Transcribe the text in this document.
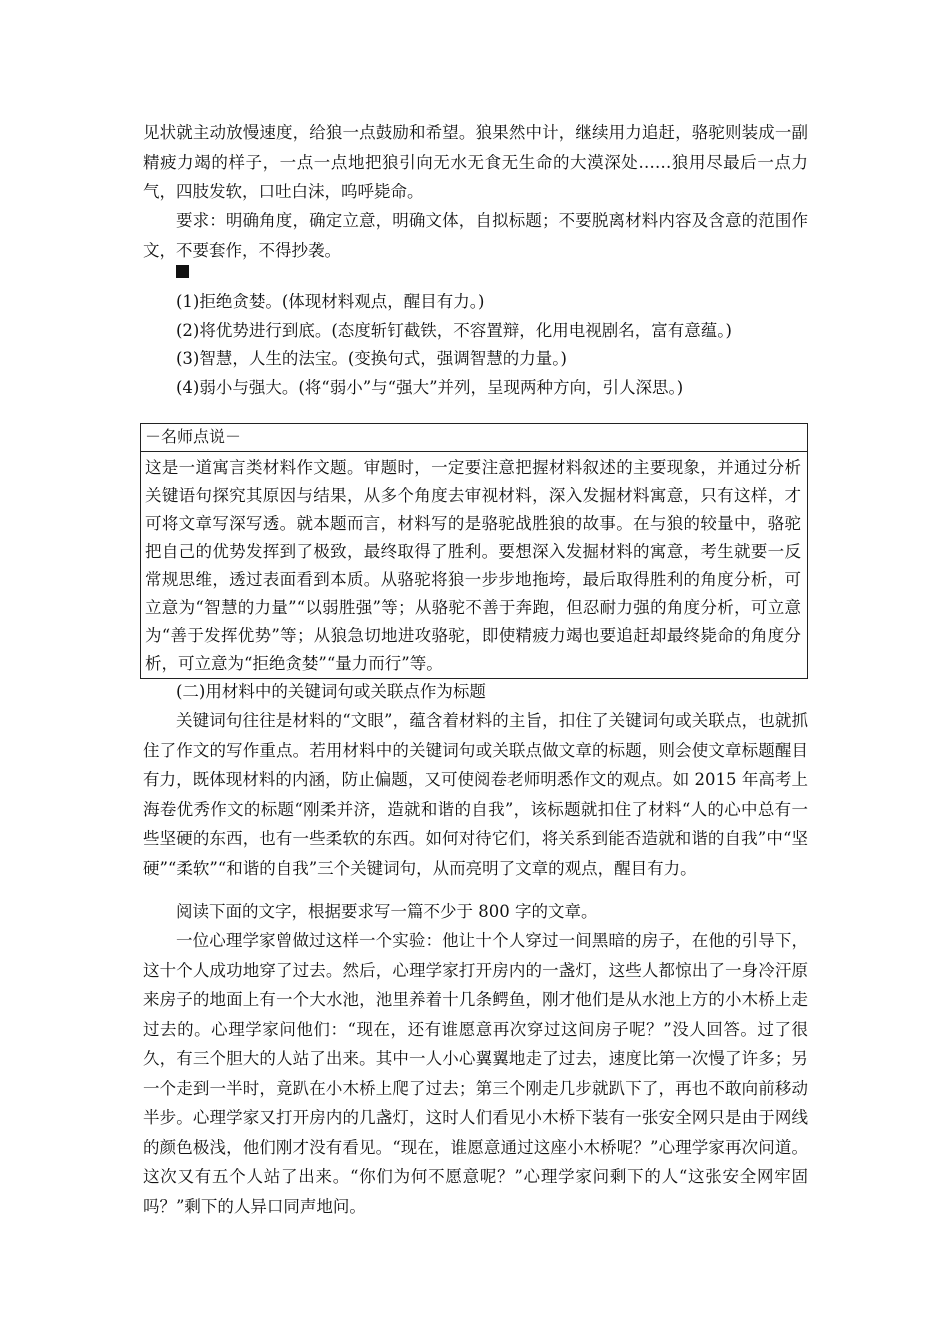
见状就主动放慢速度，给狼一点鼓励和希望。狼果然中计，继续用力追赶，骆驼则装成一副精疲力竭的样子，一点一点地把狼引向无水无食无生命的大漠深处……狼用尽最后一点力气，四肢发软，口吐白沫，呜呼毙命。

要求：明确角度，确定立意，明确文体，自拟标题；不要脱离材料内容及含意的范围作文，不要套作，不得抄袭。

(1)拒绝贪婪。(体现材料观点，醒目有力。)

(2)将优势进行到底。(态度斩钉截铁，不容置辩，化用电视剧名，富有意蕴。)

(3)智慧，人生的法宝。(变换句式，强调智慧的力量。)

(4)弱小与强大。(将“弱小”与“强大”并列，呈现两种方向，引人深思。)

－名师点说－
这是一道寓言类材料作文题。审题时，一定要注意把握材料叙述的主要现象，并通过分析关键语句探究其原因与结果，从多个角度去审视材料，深入发掘材料寓意，只有这样，才可将文章写深写透。就本题而言，材料写的是骆驼战胜狼的故事。在与狼的较量中，骆驼把自己的优势发挥到了极致，最终取得了胜利。要想深入发掘材料的寓意，考生就要一反常规思维，透过表面看到本质。从骆驼将狼一步步地拖垮，最后取得胜利的角度分析，可立意为“智慧的力量”“以弱胜强”等；从骆驼不善于奔跑，但忍耐力强的角度分析，可立意为“善于发挥优势”等；从狼急切地进攻骆驼，即使精疲力竭也要追赶却最终毙命的角度分析，可立意为“拒绝贪婪”“量力而行”等。

(二)用材料中的关键词句或关联点作为标题

关键词句往往是材料的“文眼”，蕴含着材料的主旨，扣住了关键词句或关联点，也就抓住了作文的写作重点。若用材料中的关键词句或关联点做文章的标题，则会使文章标题醒目有力，既体现材料的内涵，防止偏题，又可使阅卷老师明悉作文的观点。如 2015 年高考上海卷优秀作文的标题“刚柔并济，造就和谐的自我”，该标题就扣住了材料“人的心中总有一些坚硬的东西，也有一些柔软的东西。如何对待它们，将关系到能否造就和谐的自我”中“坚硬”“柔软”“和谐的自我”三个关键词句，从而亮明了文章的观点，醒目有力。

阅读下面的文字，根据要求写一篇不少于 800 字的文章。

一位心理学家曾做过这样一个实验：他让十个人穿过一间黑暗的房子，在他的引导下，这十个人成功地穿了过去。然后，心理学家打开房内的一盏灯，这些人都惊出了一身冷汗原来房子的地面上有一个大水池，池里养着十几条鳄鱼，刚才他们是从水池上方的小木桥上走过去的。心理学家问他们：“现在，还有谁愿意再次穿过这间房子呢？”没人回答。过了很久，有三个胆大的人站了出来。其中一人小心翼翼地走了过去，速度比第一次慢了许多；另一个走到一半时，竟趴在小木桥上爬了过去；第三个刚走几步就趴下了，再也不敢向前移动半步。心理学家又打开房内的几盏灯，这时人们看见小木桥下装有一张安全网只是由于网线的颜色极浅，他们刚才没有看见。“现在，谁愿意通过这座小木桥呢？”心理学家再次问道。这次又有五个人站了出来。“你们为何不愿意呢？”心理学家问剩下的人“这张安全网牢固吗？”剩下的人异口同声地问。
